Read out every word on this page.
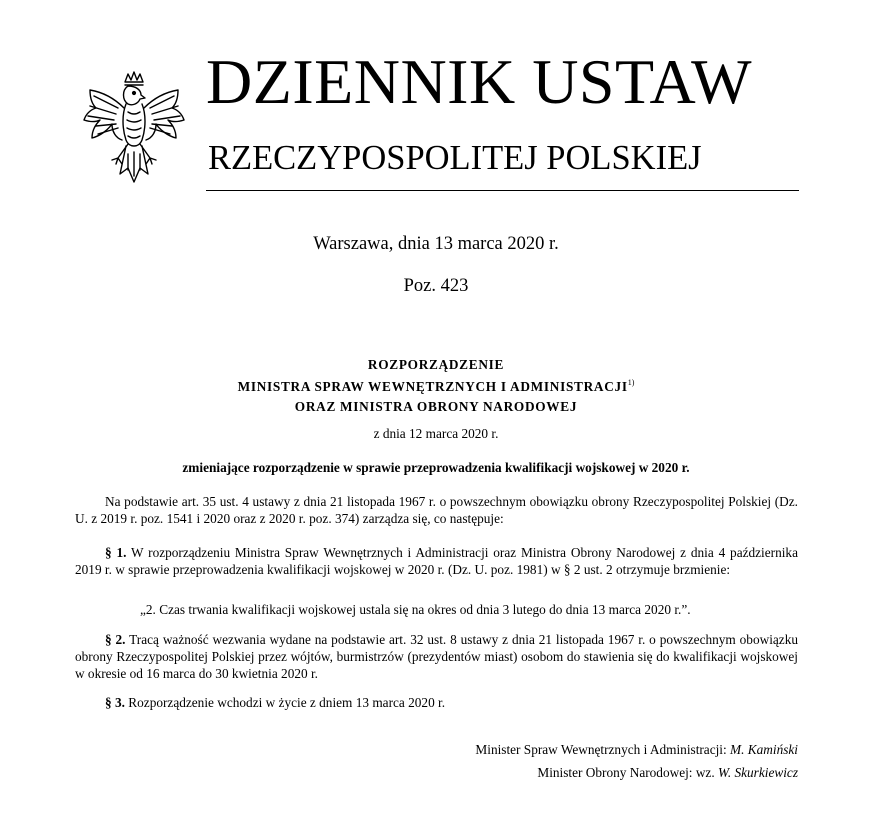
DZIENNIK USTAW
RZECZYPOSPOLITEJ POLSKIEJ
Warszawa, dnia 13 marca 2020 r.
Poz. 423
ROZPORZĄDZENIE
MINISTRA SPRAW WEWNĘTRZNYCH I ADMINISTRACJI$^{1)}$
ORAZ MINISTRA OBRONY NARODOWEJ
z dnia 12 marca 2020 r.
zmieniające rozporządzenie w sprawie przeprowadzenia kwalifikacji wojskowej w 2020 r.
Na podstawie art. 35 ust. 4 ustawy z dnia 21 listopada 1967 r. o powszechnym obowiązku obrony Rzeczypospolitej Polskiej (Dz. U. z 2019 r. poz. 1541 i 2020 oraz z 2020 r. poz. 374) zarządza się, co następuje:
§ 1. W rozporządzeniu Ministra Spraw Wewnętrznych i Administracji oraz Ministra Obrony Narodowej z dnia 4 października 2019 r. w sprawie przeprowadzenia kwalifikacji wojskowej w 2020 r. (Dz. U. poz. 1981) w § 2 ust. 2 otrzymuje brzmienie:
„2. Czas trwania kwalifikacji wojskowej ustala się na okres od dnia 3 lutego do dnia 13 marca 2020 r.”.
§ 2. Tracą ważność wezwania wydane na podstawie art. 32 ust. 8 ustawy z dnia 21 listopada 1967 r. o powszechnym obowiązku obrony Rzeczypospolitej Polskiej przez wójtów, burmistrzów (prezydentów miast) osobom do stawienia się do kwalifikacji wojskowej w okresie od 16 marca do 30 kwietnia 2020 r.
§ 3. Rozporządzenie wchodzi w życie z dniem 13 marca 2020 r.
Minister Spraw Wewnętrznych i Administracji: M. Kamiński
Minister Obrony Narodowej: wz. W. Skurkiewicz
